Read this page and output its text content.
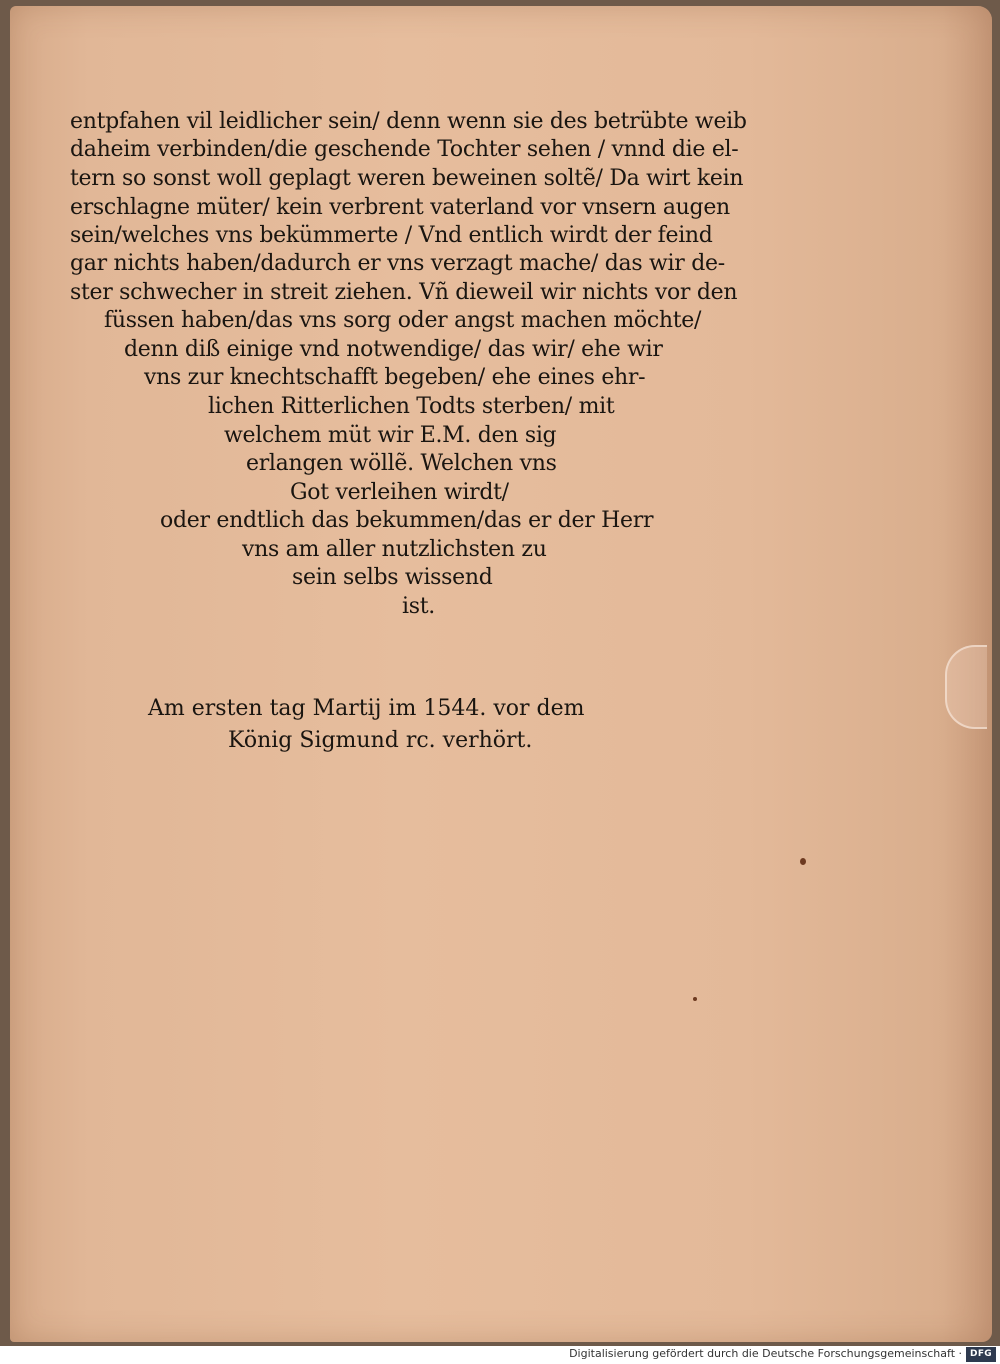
entpfahen vil leidlicher sein/ denn wenn sie des betrübte weib
daheim verbinden/die geschende Tochter sehen / vnnd die el-
tern so sonst woll geplagt weren beweinen soltẽ/ Da wirt kein
erschlagne müter/ kein verbrent vaterland vor vnsern augen
sein/welches vns bekümmerte / Vnd entlich wirdt der feind
gar nichts haben/dadurch er vns verzagt mache/ das wir de-
ster schwecher in streit ziehen. Vñ dieweil wir nichts vor den
füssen haben/das vns sorg oder angst machen möchte/
denn diß einige vnd notwendige/ das wir/ ehe wir
vns zur knechtschafft begeben/ ehe eines ehr-
lichen Ritterlichen Todts sterben/ mit
welchem müt wir E.M. den sig
erlangen wöllẽ. Welchen vns
Got verleihen wirdt/
oder endtlich das bekummen/das er der Herr
vns am aller nutzlichsten zu
sein selbs wissend
ist.
Am ersten tag Martij im 1544. vor dem
König Sigmund rc. verhört.
Digitalisierung gefördert durch die Deutsche Forschungsgemeinschaft · DFG
